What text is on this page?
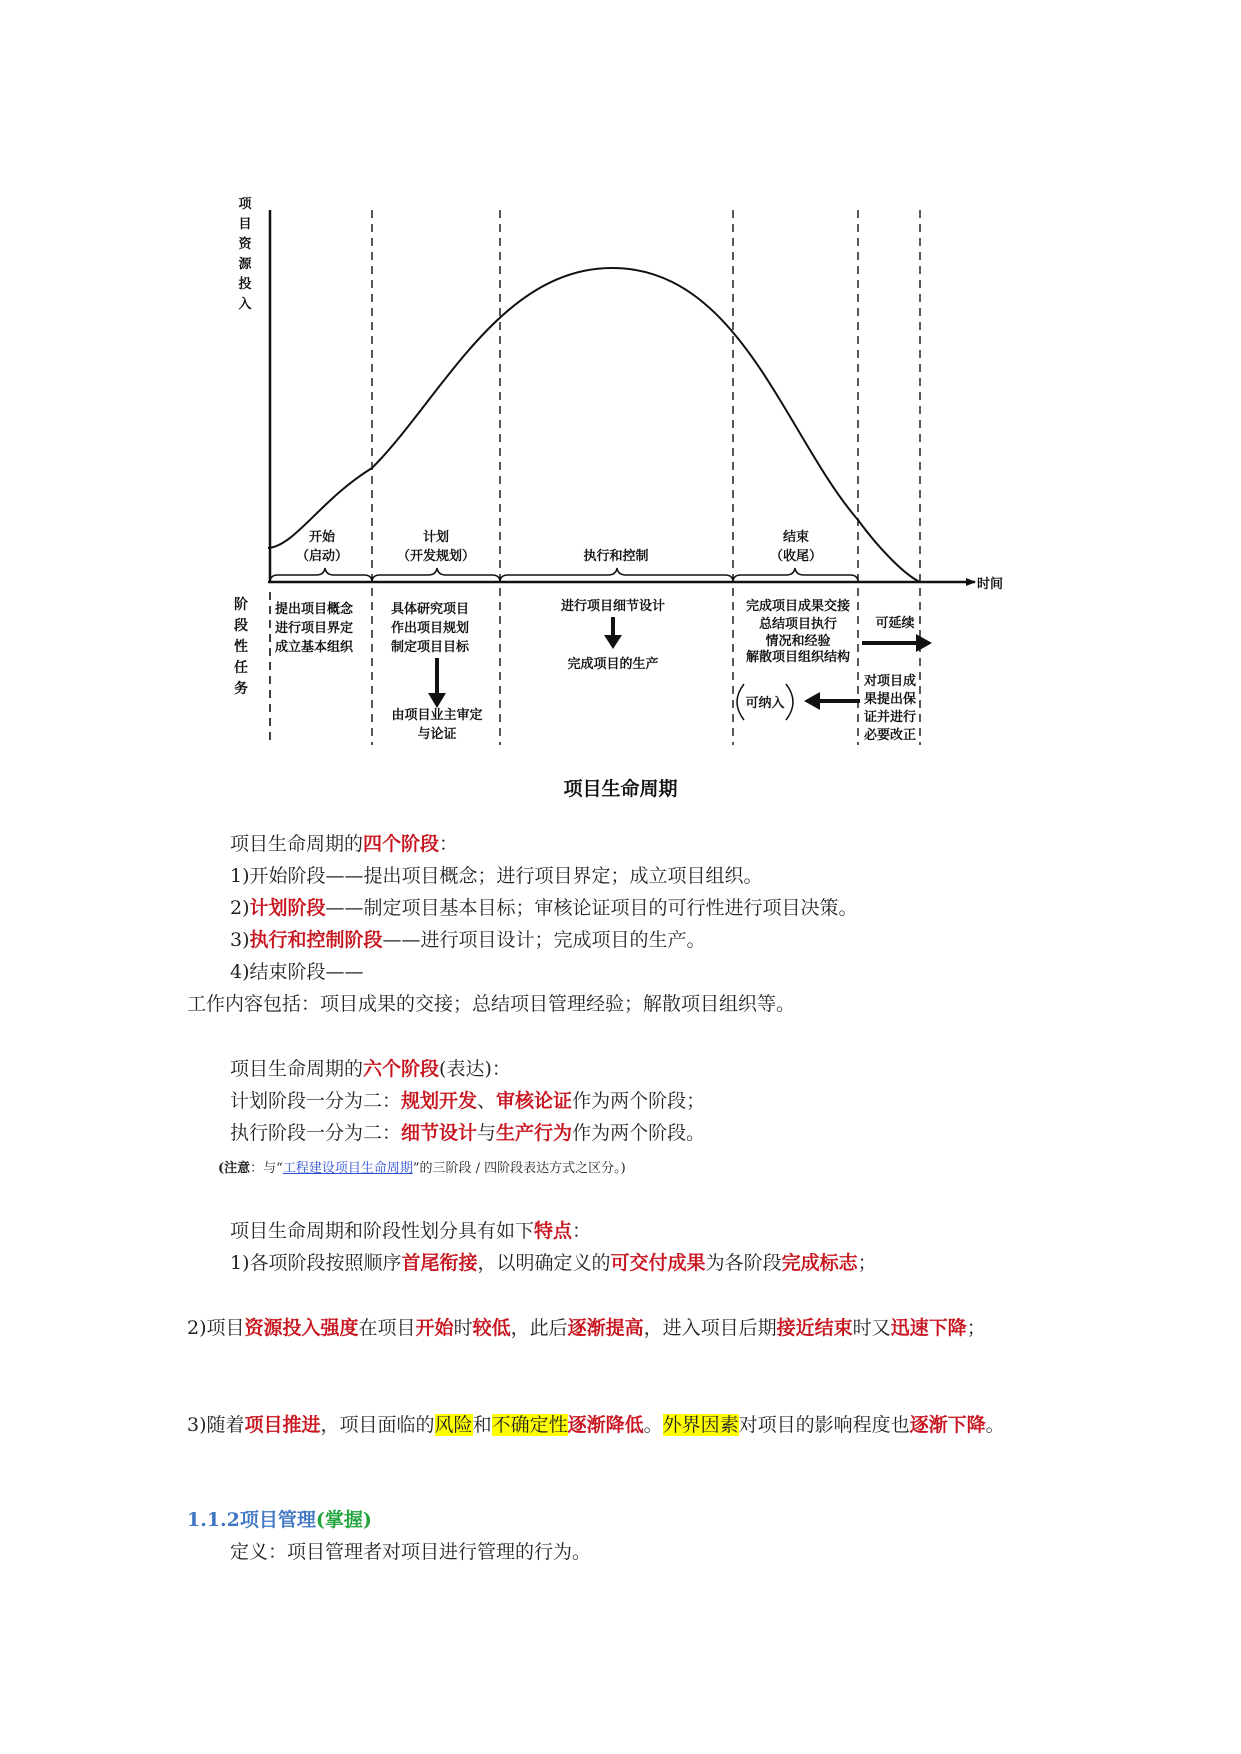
项
目
资
源
投
入
阶
段
性
任
务
时间
开始
（启动）
计划
（开发规划）	执行和控制
结束
（收尾）
提出项目概念
进行项目界定
成立基本组织
具体研究项目
作出项目规划
制定项目目标
由项目业主审定
与论证
进行项目细节设计
完成项目的生产
完成项目成果交接
总结项目执行
情况和经验
解散项目组织结构
可延续
可纳入
对项目成
果提出保
证并进行
必要改正
项目生命周期
项目生命周期的四个阶段：
1)开始阶段——提出项目概念；进行项目界定；成立项目组织。
2)计划阶段——制定项目基本目标；审核论证项目的可行性进行项目决策。
3)执行和控制阶段——进行项目设计；完成项目的生产。
4)结束阶段——
工作内容包括：项目成果的交接；总结项目管理经验；解散项目组织等。
项目生命周期的六个阶段(表达)：
计划阶段一分为二：规划开发、审核论证作为两个阶段；
执行阶段一分为二：细节设计与生产行为作为两个阶段。
(注意：与“工程建设项目生命周期”的三阶段 / 四阶段表达方式之区分。)
项目生命周期和阶段性划分具有如下特点：
1)各项阶段按照顺序首尾衔接，以明确定义的可交付成果为各阶段完成标志；
2)项目资源投入强度在项目开始时较低，此后逐渐提高，进入项目后期接近结束时又迅速下降；
3)随着项目推进，项目面临的风险和不确定性逐渐降低。外界因素对项目的影响程度也逐渐下降。
1.1.2项目管理(掌握)
定义：项目管理者对项目进行管理的行为。
